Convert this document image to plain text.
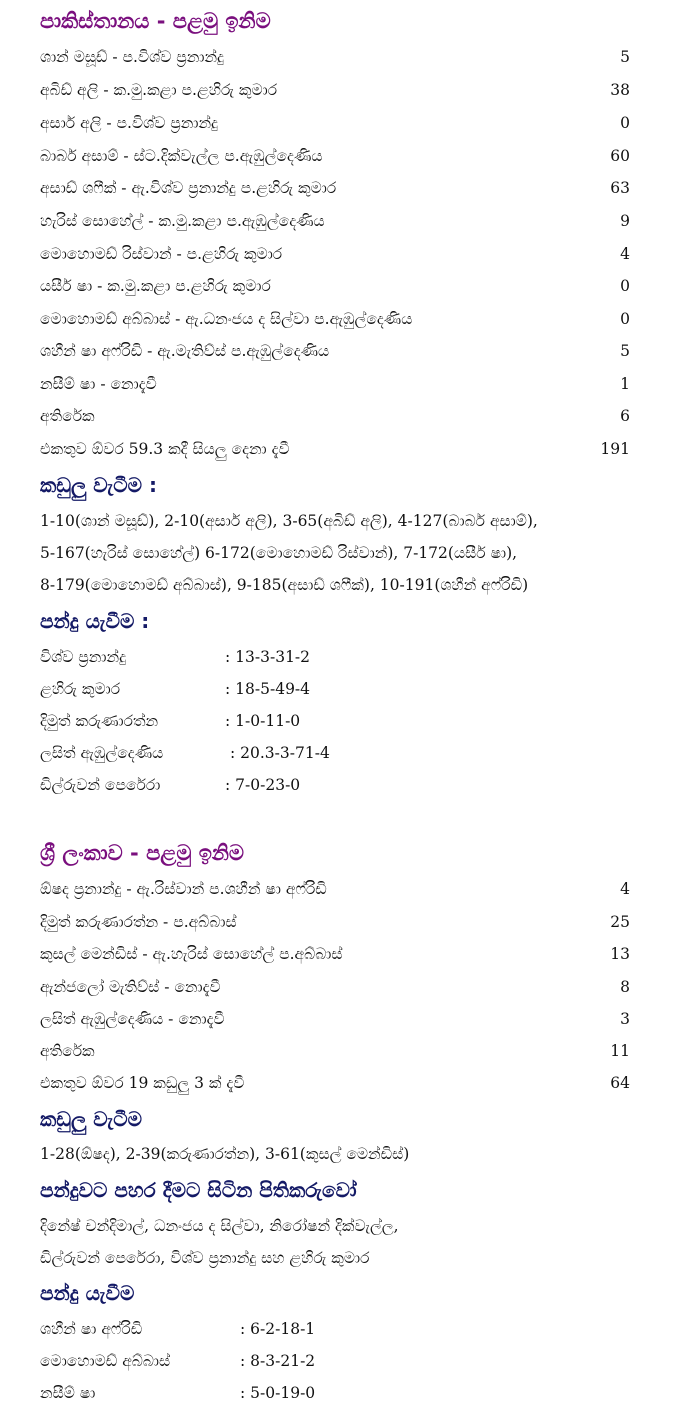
පාකිස්තානය - පළමු ඉනිම
ශාන් මසූඩ් - ප.විශ්ව ප්‍රනාන්දු	5
අබිඩ් අලි - ක.මු.කළා ප.ළහිරු කුමාර	38
අසාර් අලි - ප.විශ්ව ප්‍රනාන්දු	0
බාබර් අසාම් - ස්ට.දික්වැල්ල ප.ඇඹුල්දෙණිය	60
අසාඩ් ශෆීක් - ඇ.විශ්ව ප්‍රනාන්දු ප.ළහිරු කුමාර	63
හැරිස් සොහේල් - ක.මු.කළා ප.ඇඹුල්දෙණිය	9
මොහොමඩ් රිස්වාන් - ප.ළහිරු කුමාර	4
යසීර් ෂා - ක.මු.කළා ප.ළහිරු කුමාර	0
මොහොමඩ් අබ්බාස් - ඇ.ධනංජය ද සිල්වා ප.ඇඹුල්දෙණිය	0
ශහීන් ෂා අෆ්රිඩි - ඇ.මැතිව්ස් ප.ඇඹුල්දෙණිය	5
නසීම් ෂා - නොදැවී	1
අතිරේක	6
එකතුව ඕවර 59.3 කදී සියලු දෙනා දැවී	191
කඩුලු වැටීම :
1-10(ශාන් මසූඩ්), 2-10(අසාර් අලි), 3-65(අබිඩ් අලි), 4-127(බාබර් අසාම්),
5-167(හැරිස් සොහේල්) 6-172(මොහොමඩ් රිස්වාන්), 7-172(යසීර් ෂා),
8-179(මොහොමඩ් අබ්බාස්), 9-185(අසාඩ් ශෆීක්), 10-191(ශහීන් අෆ්රිඩි)
පන්දු යැවීම :
විශ්ව ප්‍රනාන්දු	: 13-3-31-2
ළහිරු කුමාර	: 18-5-49-4
දිමුත් කරුණාරත්න	: 1-0-11-0
ලසිත් ඇඹුල්දෙණිය	: 20.3-3-71-4
ඩිල්රුවන් පෙරේරා	: 7-0-23-0
ශ්‍රී ලංකාව - පළමු ඉනිම
ඕෂද ප්‍රනාන්දු - ඇ.රිස්වාන් ප.ශහීන් ෂා අෆ්රිඩි	4
දිමුත් කරුණාරත්න - ප.අබ්බාස්	25
කුසල් මෙන්ඩිස් - ඇ.හැරිස් සොහේල් ප.අබ්බාස්	13
ඇන්ජලෝ මැතිව්ස් - නොදැවී	8
ලසිත් ඇඹුල්දෙණිය - නොදැවී	3
අතිරේක	11
එකතුව ඕවර 19 කඩුලු 3 ක් දැවී	64
කඩුලු වැටීම
1-28(ඕෂද), 2-39(කරුණාරත්න), 3-61(කුසල් මෙන්ඩිස්)
පන්දුවට පහර දීමට සිටින පිතිකරුවෝ
දිනේෂ් චන්දිමාල්, ධනංජය ද සිල්වා, නිරෝෂන් දික්වැල්ල,
ඩිල්රුවන් පෙරේරා, විශ්ව ප්‍රනාන්දු සහ ළහිරු කුමාර
පන්දු යැවීම
ශහීන් ෂා අෆ්රිඩි	: 6-2-18-1
මොහොමඩ් අබ්බාස්	: 8-3-21-2
නසීම් ෂා	: 5-0-19-0
